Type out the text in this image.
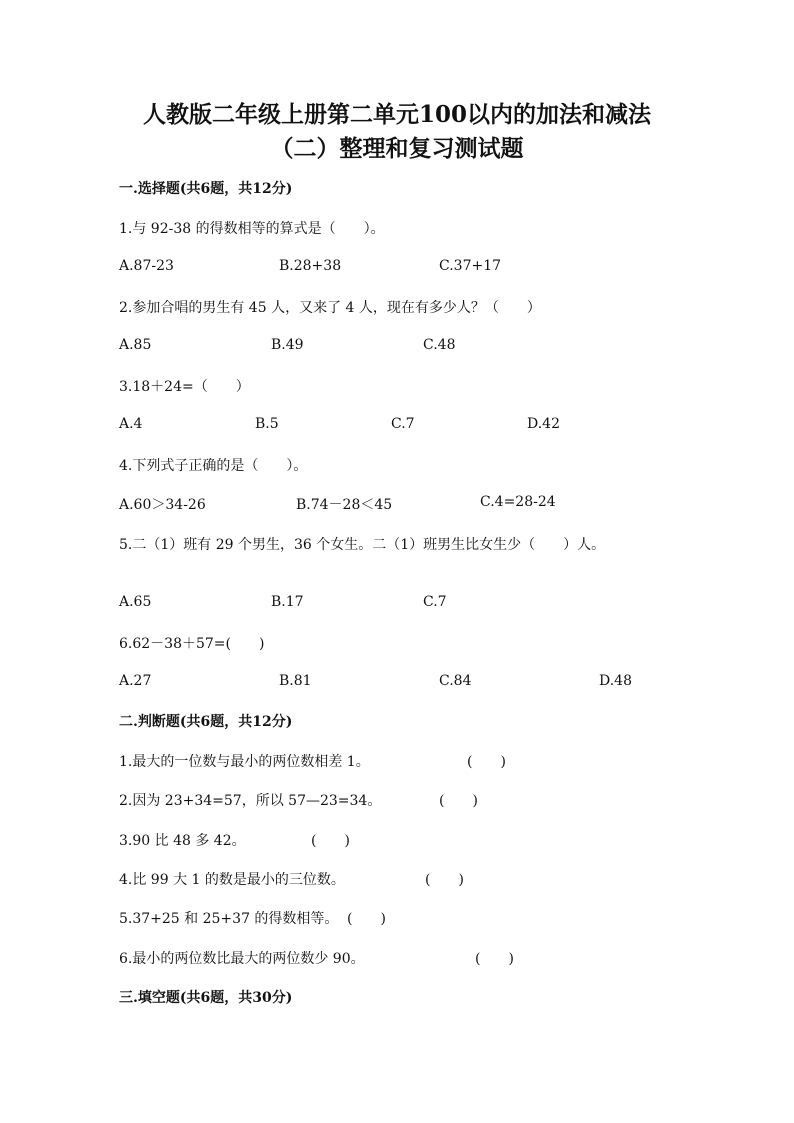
人教版二年级上册第二单元100以内的加法和减法
（二）整理和复习测试题
一.选择题(共6题，共12分)
1.与 92-38 的得数相等的算式是（　　）。
A.87-23	B.28+38	C.37+17
2.参加合唱的男生有 45 人，又来了 4 人，现在有多少人？（　　）
A.85	B.49	C.48
3.18＋24=（　　）
A.4	B.5	C.7	D.42
4.下列式子正确的是（　　）。
A.60＞34-26	B.74－28＜45	C.4=28-24
5.二（1）班有 29 个男生，36 个女生。二（1）班男生比女生少（　　）人。
A.65	B.17	C.7
6.62－38＋57=(　　)
A.27	B.81	C.84	D.48
二.判断题(共6题，共12分)
1.最大的一位数与最小的两位数相差 1。	(　　)
2.因为 23+34=57，所以 57—23=34。	(　　)
3.90 比 48 多 42。	(　　)
4.比 99 大 1 的数是最小的三位数。	(　　)
5.37+25 和 25+37 的得数相等。 (　　)
6.最小的两位数比最大的两位数少 90。	(　　)
三.填空题(共6题，共30分)
